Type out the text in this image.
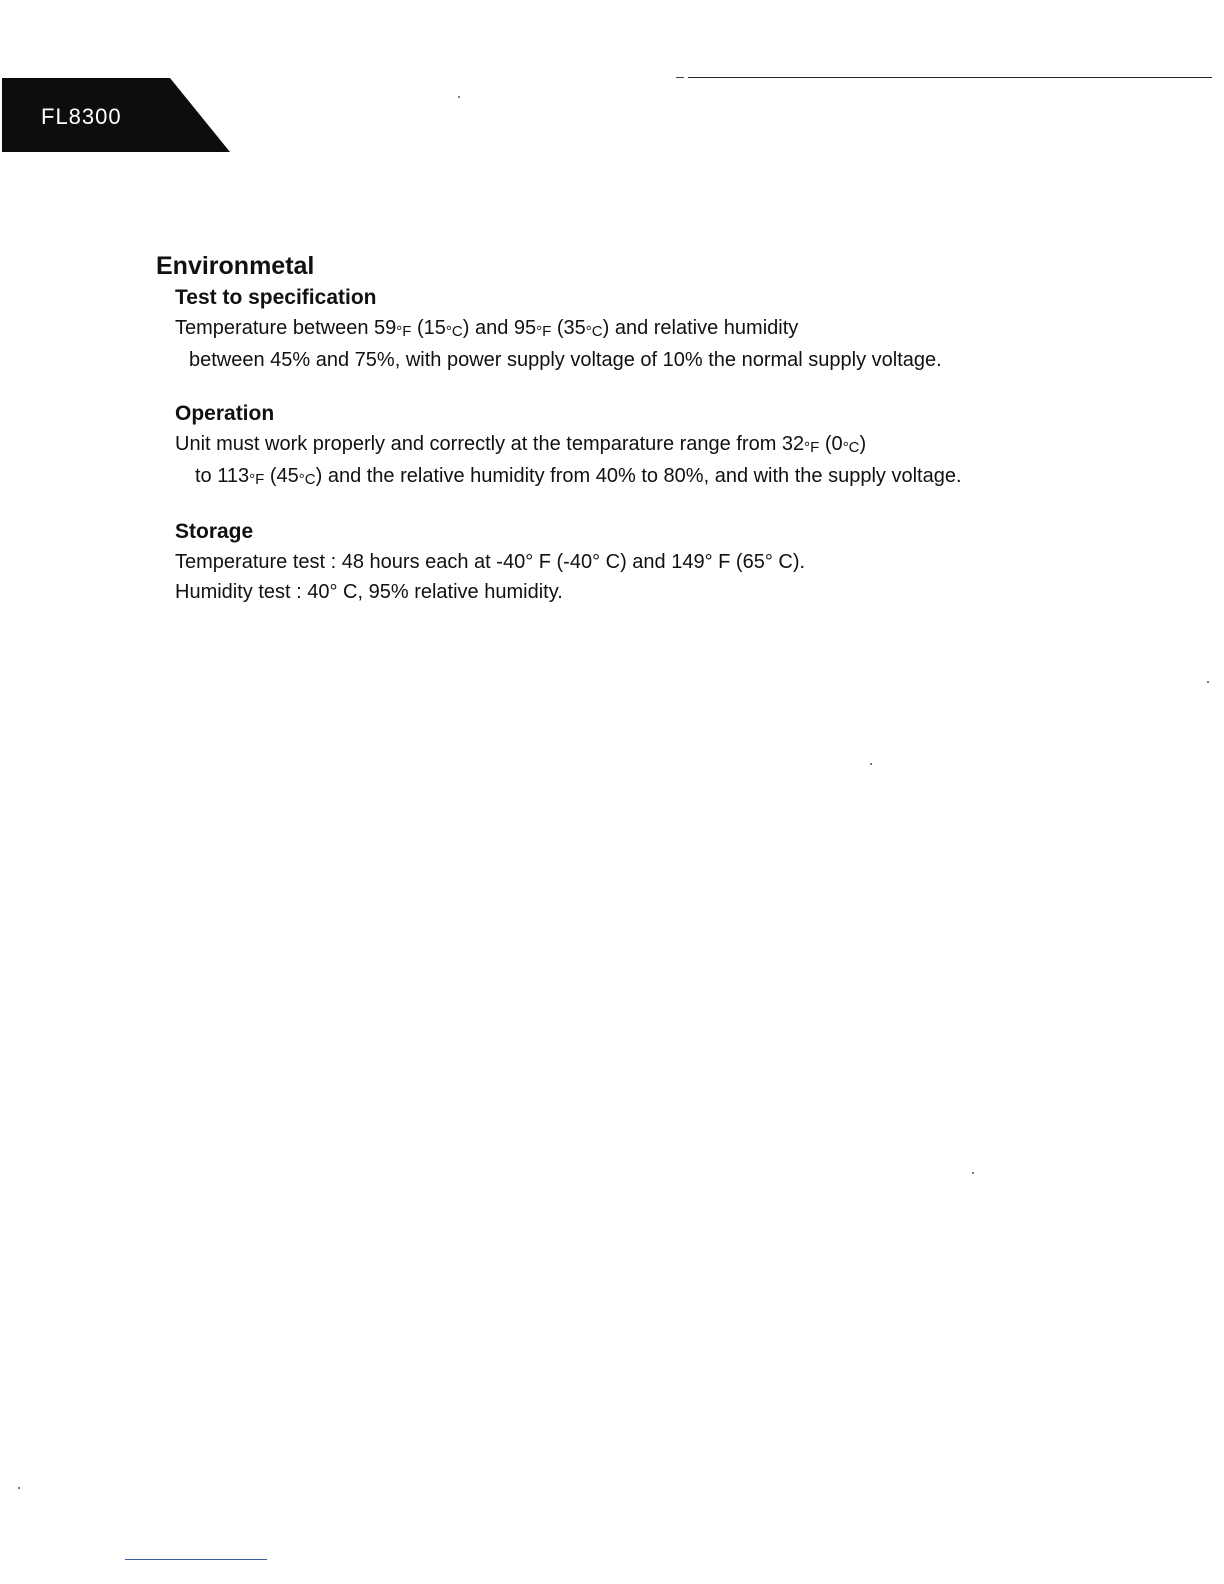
FL8300
Environmetal
Test to specification

Temperature between 59°F (15°C) and 95°F (35°C) and relative humidity

between 45% and 75%, with power supply voltage of 10% the normal supply voltage.

Operation

Unit must work properly and correctly at the temparature range from 32°F (0°C)

to 113°F (45°C) and the relative humidity from 40% to 80%, and with the supply voltage.

Storage

Temperature test : 48 hours each at -40° F (-40° C) and 149° F (65° C).

Humidity test : 40° C, 95% relative humidity.
